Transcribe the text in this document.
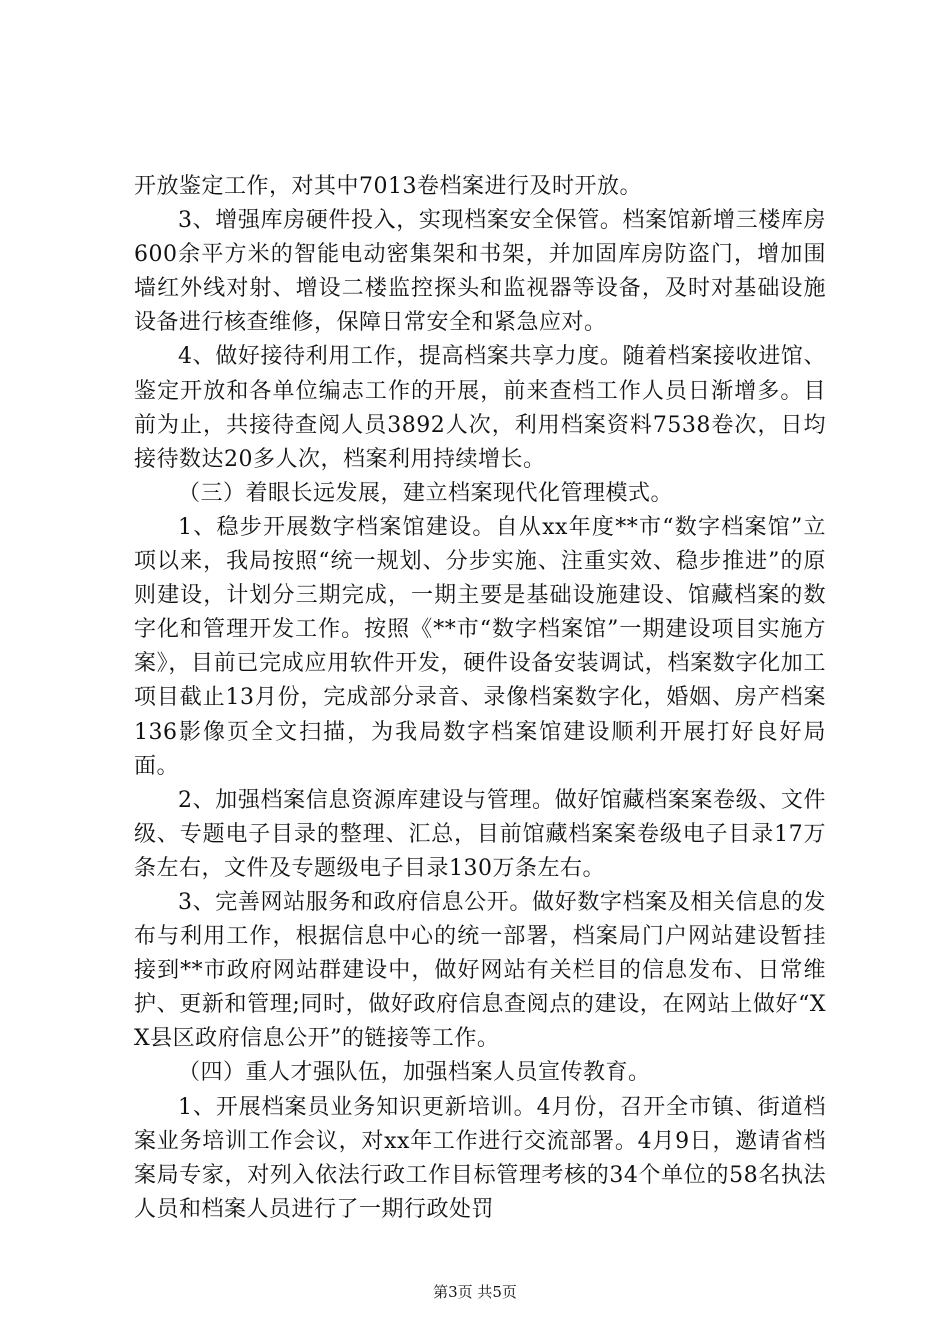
开放鉴定工作，对其中7013卷档案进行及时开放。

3、增强库房硬件投入，实现档案安全保管。档案馆新增三楼库房600余平方米的智能电动密集架和书架，并加固库房防盗门，增加围墙红外线对射、增设二楼监控探头和监视器等设备，及时对基础设施设备进行核查维修，保障日常安全和紧急应对。

4、做好接待利用工作，提高档案共享力度。随着档案接收进馆、鉴定开放和各单位编志工作的开展，前来查档工作人员日渐增多。目前为止，共接待查阅人员3892人次，利用档案资料7538卷次，日均接待数达20多人次，档案利用持续增长。

（三）着眼长远发展，建立档案现代化管理模式。

1、稳步开展数字档案馆建设。自从xx年度**市“数字档案馆”立项以来，我局按照“统一规划、分步实施、注重实效、稳步推进”的原则建设，计划分三期完成，一期主要是基础设施建设、馆藏档案的数字化和管理开发工作。按照《**市“数字档案馆”一期建设项目实施方案》，目前已完成应用软件开发，硬件设备安装调试，档案数字化加工项目截止13月份，完成部分录音、录像档案数字化，婚姻、房产档案136影像页全文扫描，为我局数字档案馆建设顺利开展打好良好局面。

2、加强档案信息资源库建设与管理。做好馆藏档案案卷级、文件级、专题电子目录的整理、汇总，目前馆藏档案案卷级电子目录17万条左右，文件及专题级电子目录130万条左右。

3、完善网站服务和政府信息公开。做好数字档案及相关信息的发布与利用工作，根据信息中心的统一部署，档案局门户网站建设暂挂接到**市政府网站群建设中，做好网站有关栏目的信息发布、日常维护、更新和管理;同时，做好政府信息查阅点的建设，在网站上做好“XX县区政府信息公开”的链接等工作。

（四）重人才强队伍，加强档案人员宣传教育。

1、开展档案员业务知识更新培训。4月份，召开全市镇、街道档案业务培训工作会议，对xx年工作进行交流部署。4月9日，邀请省档案局专家，对列入依法行政工作目标管理考核的34个单位的58名执法人员和档案人员进行了一期行政处罚

第3页 共5页
